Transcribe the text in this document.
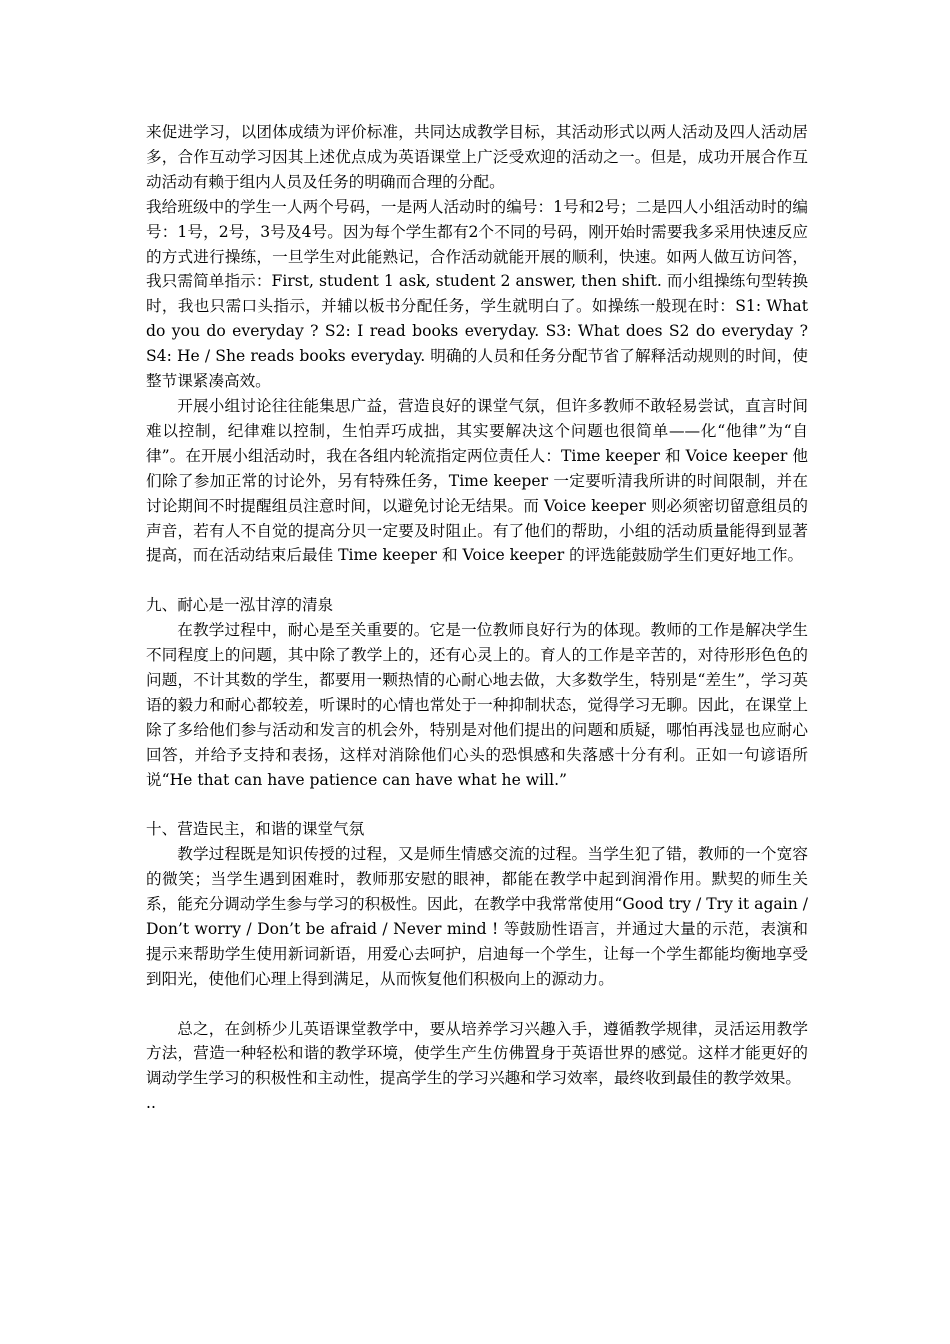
来促进学习，以团体成绩为评价标准，共同达成教学目标，其活动形式以两人活动及四人活动居多，合作互动学习因其上述优点成为英语课堂上广泛受欢迎的活动之一。但是，成功开展合作互动活动有赖于组内人员及任务的明确而合理的分配。

我给班级中的学生一人两个号码，一是两人活动时的编号：1号和2号；二是四人小组活动时的编号：1号，2号，3号及4号。因为每个学生都有2个不同的号码，刚开始时需要我多采用快速反应的方式进行操练，一旦学生对此能熟记，合作活动就能开展的顺利，快速。如两人做互访问答，我只需简单指示：First, student 1 ask, student 2 answer, then shift. 而小组操练句型转换时，我也只需口头指示，并辅以板书分配任务，学生就明白了。如操练一般现在时：S1: What do you do everyday ? S2: I read books everyday. S3: What does S2 do everyday ? S4: He / She reads books everyday. 明确的人员和任务分配节省了解释活动规则的时间，使整节课紧凑高效。

开展小组讨论往往能集思广益，营造良好的课堂气氛，但许多教师不敢轻易尝试，直言时间难以控制，纪律难以控制，生怕弄巧成拙，其实要解决这个问题也很简单——化“他律”为“自律”。在开展小组活动时，我在各组内轮流指定两位责任人：Time keeper 和 Voice keeper 他们除了参加正常的讨论外，另有特殊任务，Time keeper 一定要听清我所讲的时间限制，并在讨论期间不时提醒组员注意时间，以避免讨论无结果。而 Voice keeper 则必须密切留意组员的声音，若有人不自觉的提高分贝一定要及时阻止。有了他们的帮助，小组的活动质量能得到显著提高，而在活动结束后最佳 Time keeper 和 Voice keeper 的评选能鼓励学生们更好地工作。

九、耐心是一泓甘淳的清泉

在教学过程中，耐心是至关重要的。它是一位教师良好行为的体现。教师的工作是解决学生不同程度上的问题，其中除了教学上的，还有心灵上的。育人的工作是辛苦的，对待形形色色的问题，不计其数的学生，都要用一颗热情的心耐心地去做，大多数学生，特别是“差生”，学习英语的毅力和耐心都较差，听课时的心情也常处于一种抑制状态，觉得学习无聊。因此，在课堂上除了多给他们参与活动和发言的机会外，特别是对他们提出的问题和质疑，哪怕再浅显也应耐心回答，并给予支持和表扬，这样对消除他们心头的恐惧感和失落感十分有利。正如一句谚语所说“He that can have patience can have what he will.”

十、营造民主，和谐的课堂气氛

教学过程既是知识传授的过程，又是师生情感交流的过程。当学生犯了错，教师的一个宽容的微笑；当学生遇到困难时，教师那安慰的眼神，都能在教学中起到润滑作用。默契的师生关系，能充分调动学生参与学习的积极性。因此，在教学中我常常使用“Good try / Try it again / Don’t worry / Don’t be afraid / Never mind ! 等鼓励性语言，并通过大量的示范，表演和提示来帮助学生使用新词新语，用爱心去呵护，启迪每一个学生，让每一个学生都能均衡地享受到阳光，使他们心理上得到满足，从而恢复他们积极向上的源动力。

总之，在剑桥少儿英语课堂教学中，要从培养学习兴趣入手，遵循教学规律，灵活运用教学方法，营造一种轻松和谐的教学环境，使学生产生仿佛置身于英语世界的感觉。这样才能更好的调动学生学习的积极性和主动性，提高学生的学习兴趣和学习效率，最终收到最佳的教学效果。

..
